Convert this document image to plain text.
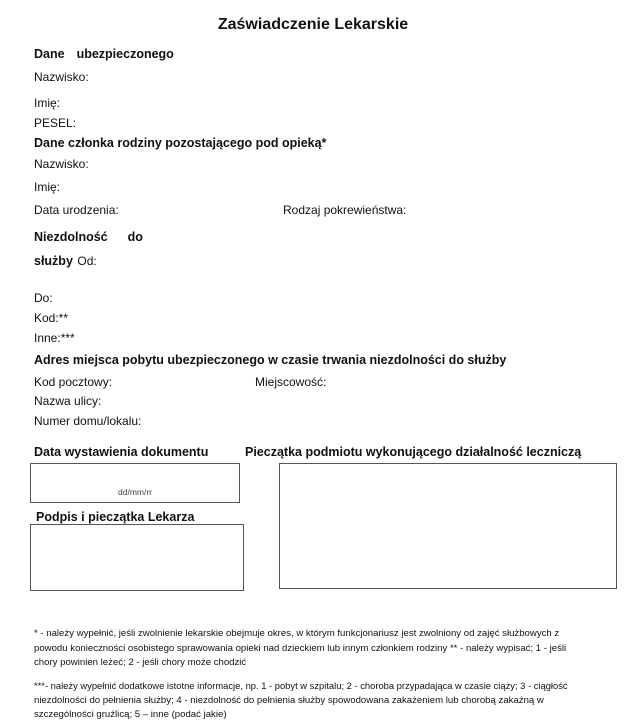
Zaświadczenie Lekarskie
Dane ubezpieczonego
Nazwisko:
Imię:
PESEL:
Dane członka rodziny pozostającego pod opieką*
Nazwisko:
Imię:
Data urodzenia:	Rodzaj pokrewieństwa:
Niezdolność do
służby Od:
Do:
Kod:**
Inne:***
Adres miejsca pobytu ubezpieczonego w czasie trwania niezdolności do służby
Kod pocztowy:	Miejscowość:
Nazwa ulicy:
Numer domu/lokalu:
Data wystawienia dokumentu
dd/mm/rr
Pieczątka podmiotu wykonującego działalność leczniczą
Podpis i pieczątka Lekarza
* - należy wypełnić, jeśli zwolnienie lekarskie obejmuje okres, w którym funkcjonariusz jest zwolniony od zajęć służbowych z
powodu konieczności osobistego sprawowania opieki nad dzieckiem lub innym członkiem rodziny ** - należy wypisać; 1 - jeśli
chory powinien leżeć; 2 - jeśli chory może chodzić
***- należy wypełnić dodatkowe istotne informacje, np. 1 - pobyt w szpitalu; 2 - choroba przypadająca w czasie ciąży; 3 - ciągłość
niezdolności do pełnienia służby; 4 - niezdolność do pełnienia służby spowodowana zakażeniem lub chorobą zakaźną w
szczególności gruźlicą; 5 – inne (podać jakie)
